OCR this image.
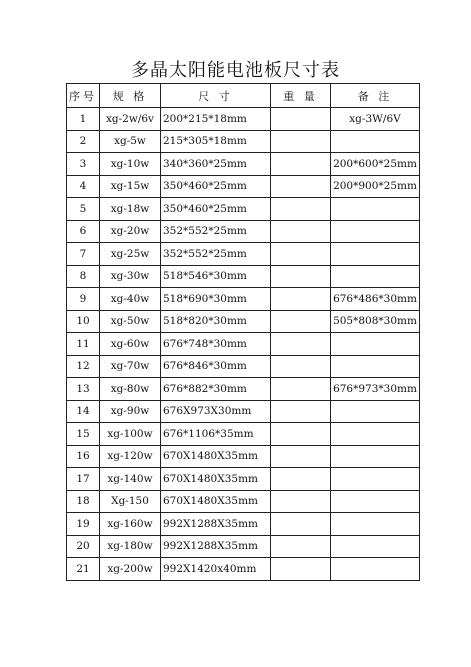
多晶太阳能电池板尺寸表
序号	规 格	尺 寸	重 量	备 注
1	xg-2w/6v	200*215*18mm		xg-3W/6V
2	xg-5w	215*305*18mm		
3	xg-10w	340*360*25mm		200*600*25mm
4	xg-15w	350*460*25mm		200*900*25mm
5	xg-18w	350*460*25mm		
6	xg-20w	352*552*25mm		
7	xg-25w	352*552*25mm		
8	xg-30w	518*546*30mm		
9	xg-40w	518*690*30mm		676*486*30mm
10	xg-50w	518*820*30mm		505*808*30mm
11	xg-60w	676*748*30mm		
12	xg-70w	676*846*30mm		
13	xg-80w	676*882*30mm		676*973*30mm
14	xg-90w	676X973X30mm		
15	xg-100w	676*1106*35mm		
16	xg-120w	670X1480X35mm		
17	xg-140w	670X1480X35mm		
18	Xg-150	670X1480X35mm		
19	xg-160w	992X1288X35mm		
20	xg-180w	992X1288X35mm		
21	xg-200w	992X1420x40mm		
